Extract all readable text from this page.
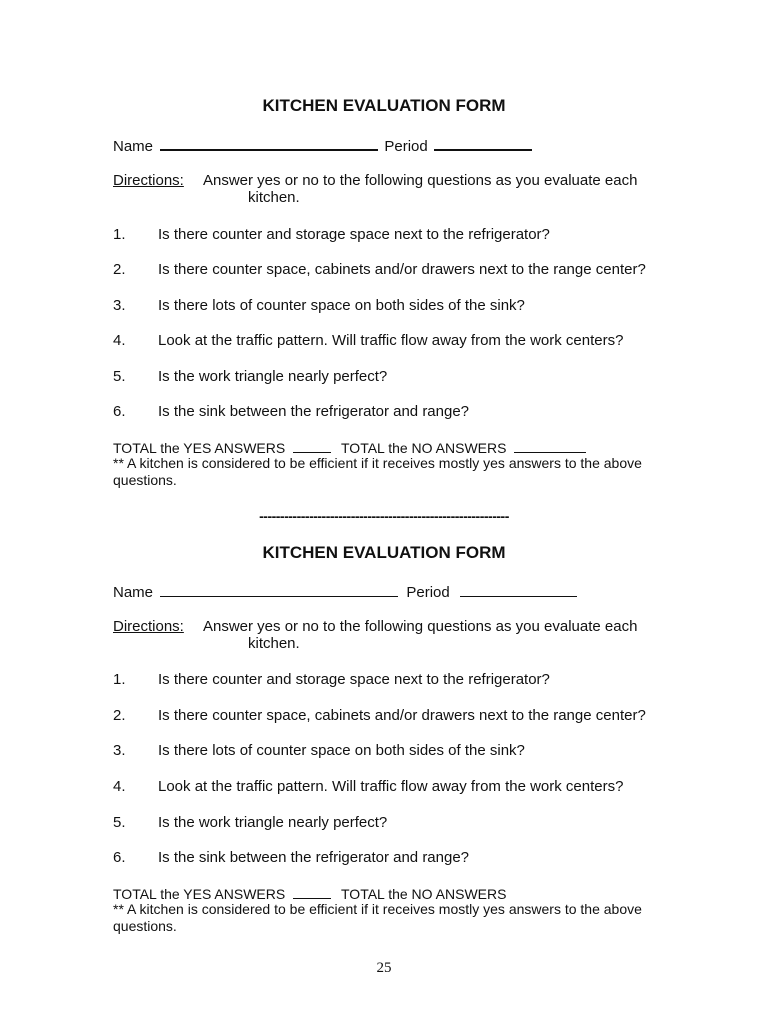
KITCHEN EVALUATION FORM
Name	Period
Directions: Answer yes or no to the following questions as you evaluate each
kitchen.
1. Is there counter and storage space next to the refrigerator?
2. Is there counter space, cabinets and/or drawers next to the range center?
3. Is there lots of counter space on both sides of the sink?
4. Look at the traffic pattern. Will traffic flow away from the work centers?
5. Is the work triangle nearly perfect?
6. Is the sink between the refrigerator and range?
TOTAL the YES ANSWERS	TOTAL the NO ANSWERS
** A kitchen is considered to be efficient if it receives mostly yes answers to the above
questions.
------------------------------------------------------------
KITCHEN EVALUATION FORM
Name	Period
Directions: Answer yes or no to the following questions as you evaluate each
kitchen.
1. Is there counter and storage space next to the refrigerator?
2. Is there counter space, cabinets and/or drawers next to the range center?
3. Is there lots of counter space on both sides of the sink?
4. Look at the traffic pattern. Will traffic flow away from the work centers?
5. Is the work triangle nearly perfect?
6. Is the sink between the refrigerator and range?
TOTAL the YES ANSWERS	TOTAL the NO ANSWERS
** A kitchen is considered to be efficient if it receives mostly yes answers to the above
questions.
25
